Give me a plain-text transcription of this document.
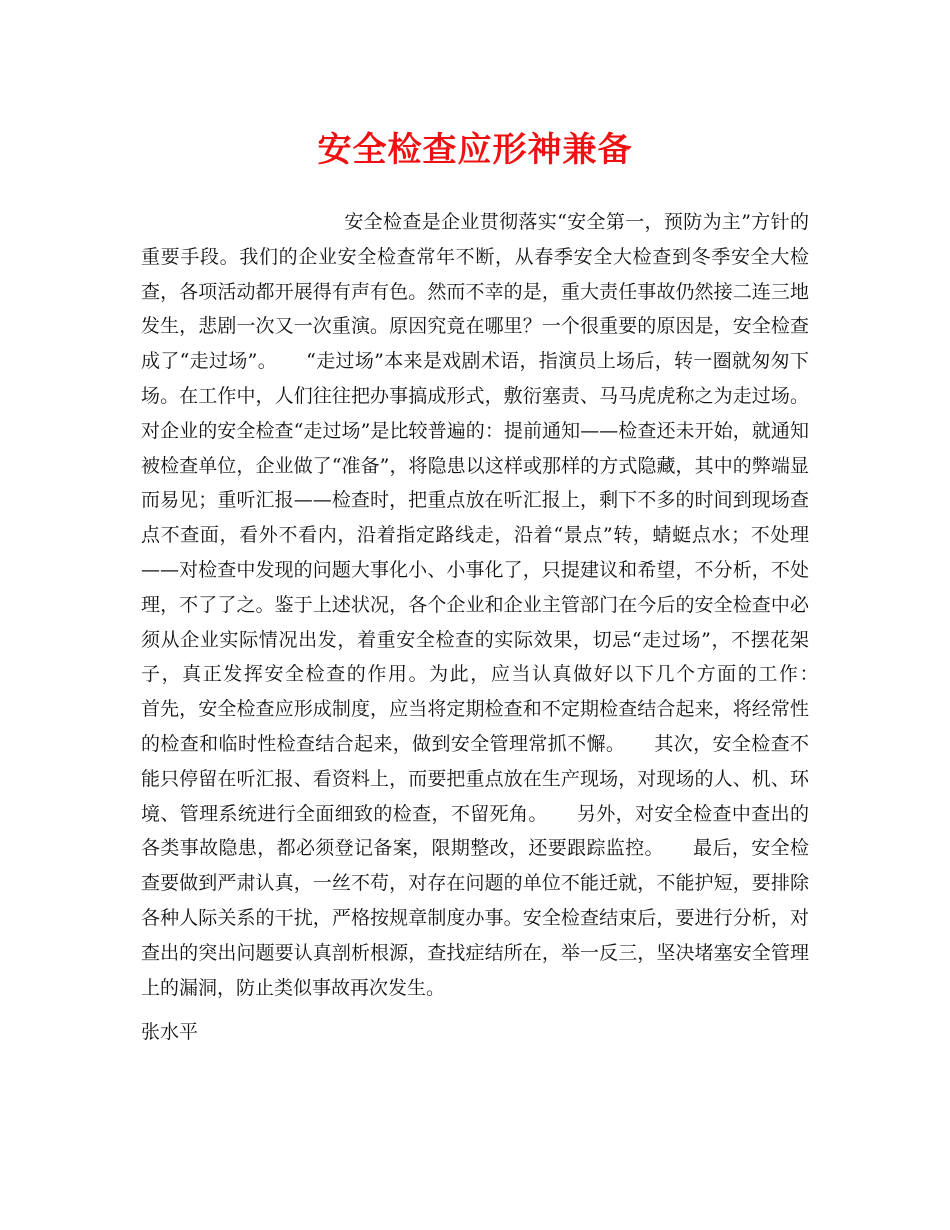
安全检查应形神兼备

安全检查是企业贯彻落实“安全第一，预防为主”方针的重要手段。我们的企业安全检查常年不断，从春季安全大检查到冬季安全大检查，各项活动都开展得有声有色。然而不幸的是，重大责任事故仍然接二连三地发生，悲剧一次又一次重演。原因究竟在哪里？一个很重要的原因是，安全检查成了“走过场”。　　“走过场”本来是戏剧术语，指演员上场后，转一圈就匆匆下场。在工作中，人们往往把办事搞成形式，敷衍塞责、马马虎虎称之为走过场。对企业的安全检查“走过场”是比较普遍的：提前通知——检查还未开始，就通知被检查单位，企业做了“准备”，将隐患以这样或那样的方式隐藏，其中的弊端显而易见；重听汇报——检查时，把重点放在听汇报上，剩下不多的时间到现场查点不查面，看外不看内，沿着指定路线走，沿着“景点”转，蜻蜓点水；不处理——对检查中发现的问题大事化小、小事化了，只提建议和希望，不分析，不处理，不了了之。鉴于上述状况，各个企业和企业主管部门在今后的安全检查中必须从企业实际情况出发，着重安全检查的实际效果，切忌“走过场”，不摆花架子，真正发挥安全检查的作用。为此，应当认真做好以下几个方面的工作：　　首先，安全检查应形成制度，应当将定期检查和不定期检查结合起来，将经常性的检查和临时性检查结合起来，做到安全管理常抓不懈。　　其次，安全检查不能只停留在听汇报、看资料上，而要把重点放在生产现场，对现场的人、机、环境、管理系统进行全面细致的检查，不留死角。　　另外，对安全检查中查出的各类事故隐患，都必须登记备案，限期整改，还要跟踪监控。　　最后，安全检查要做到严肃认真，一丝不苟，对存在问题的单位不能迁就，不能护短，要排除各种人际关系的干扰，严格按规章制度办事。安全检查结束后，要进行分析，对查出的突出问题要认真剖析根源，查找症结所在，举一反三，坚决堵塞安全管理上的漏洞，防止类似事故再次发生。

张水平
